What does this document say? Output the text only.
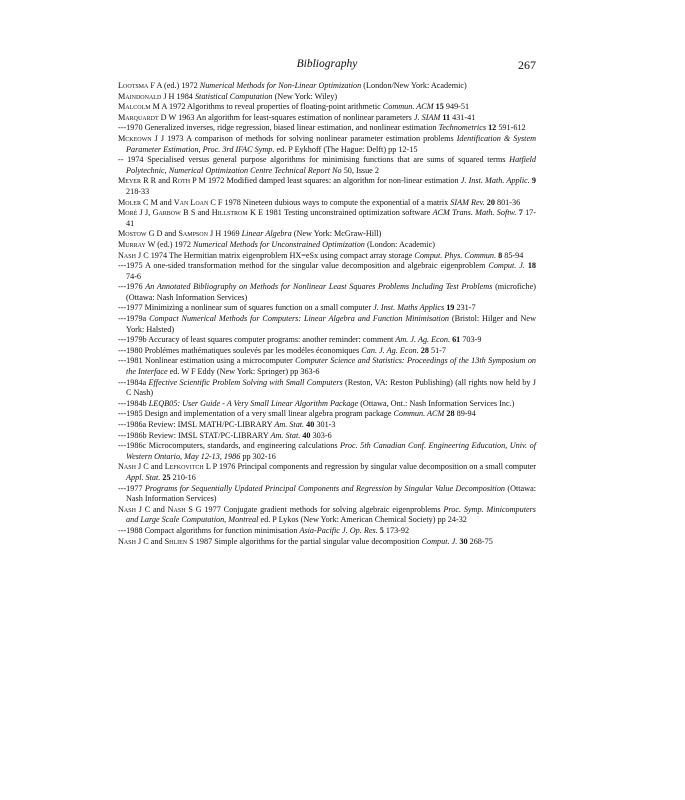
Bibliography	267

Lootsma F A (ed.) 1972 Numerical Methods for Non-Linear Optimization (London/New York: Academic)

Maindonald J H 1984 Statistical Computation (New York: Wiley)

Malcolm M A 1972 Algorithms to reveal properties of floating-point arithmetic Commun. ACM 15 949-51

Marquardt D W 1963 An algorithm for least-squares estimation of nonlinear parameters J. SIAM 11 431-41

---1970 Generalized inverses, ridge regression, biased linear estimation, and nonlinear estimation Technometrics 12 591-612

Mckeown J J 1973 A comparison of methods for solving nonlinear parameter estimation problems Identification & System Parameter Estimation, Proc. 3rd IFAC Symp. ed. P Eykhoff (The Hague: Delft) pp 12-15

-- 1974 Specialised versus general purpose algorithms for minimising functions that are sums of squared terms Hatfield Polytechnic, Numerical Optimization Centre Technical Report No 50, Issue 2

Meyer R R and Roth P M 1972 Modified damped least squares: an algorithm for non-linear estimation J. Inst. Math. Applic. 9 218-33

Moler C M and Van Loan C F 1978 Nineteen dubious ways to compute the exponential of a matrix SIAM Rev. 20 801-36

Moré J J, Garbow B S and Hillstrom K E 1981 Testing unconstrained optimization software ACM Trans. Math. Softw. 7 17-41

Mostow G D and Sampson J H 1969 Linear Algebra (New York: McGraw-Hill)

Murray W (ed.) 1972 Numerical Methods for Unconstrained Optimization (London: Academic)

Nash J C 1974 The Hermitian matrix eigenproblem HX=eSx using compact array storage Comput. Phys. Commun. 8 85-94

---1975 A one-sided transformation method for the singular value decomposition and algebraic eigenproblem Comput. J. 18 74-6

---1976 An Annotated Bibliography on Methods for Nonlinear Least Squares Problems Including Test Problems (microfiche) (Ottawa: Nash Information Services)

---1977 Minimizing a nonlinear sum of squares function on a small computer J. Inst. Maths Applics 19 231-7

---1979a Compact Numerical Methods for Computers: Linear Algebra and Function Minimisation (Bristol: Hilger and New York: Halsted)

---1979b Accuracy of least squares computer programs: another reminder: comment Am. J. Ag. Econ. 61 703-9

---1980 Problémes mathématiques soulevés par les modéles économiques Can. J. Ag. Econ. 28 51-7

---1981 Nonlinear estimation using a microcomputer Computer Science and Statistics: Proceedings of the 13th Symposium on the Interface ed. W F Eddy (New York: Springer) pp 363-6

---1984a Effective Scientific Problem Solving with Small Computers (Reston, VA: Reston Publishing) (all rights now held by J C Nash)

---1984b LEQB05: User Guide - A Very Small Linear Algorithm Package (Ottawa, Ont.: Nash Information Services Inc.)

---1985 Design and implementation of a very small linear algebra program package Commun. ACM 28 89-94

---1986a Review: IMSL MATH/PC-LIBRARY Am. Stat. 40 301-3

---1986b Review: IMSL STAT/PC-LIBRARY Am. Stat. 40 303-6

---1986c Microcomputers, standards, and engineering calculations Proc. 5th Canadian Conf. Engineering Education, Univ. of Western Ontario, May 12-13, 1986 pp 302-16

Nash J C and Lefkovitch L P 1976 Principal components and regression by singular value decomposition on a small computer Appl. Stat. 25 210-16

---1977 Programs for Sequentially Updated Principal Components and Regression by Singular Value Decomposition (Ottawa: Nash Information Services)

Nash J C and Nash S G 1977 Conjugate gradient methods for solving algebraic eigenproblems Proc. Symp. Minicomputers and Large Scale Computation, Montreal ed. P Lykos (New York: American Chemical Society) pp 24-32

---1988 Compact algorithms for function minimisation Asia-Pacific J. Op. Res. 5 173-92

Nash J C and Shlien S 1987 Simple algorithms for the partial singular value decomposition Comput. J. 30 268-75
